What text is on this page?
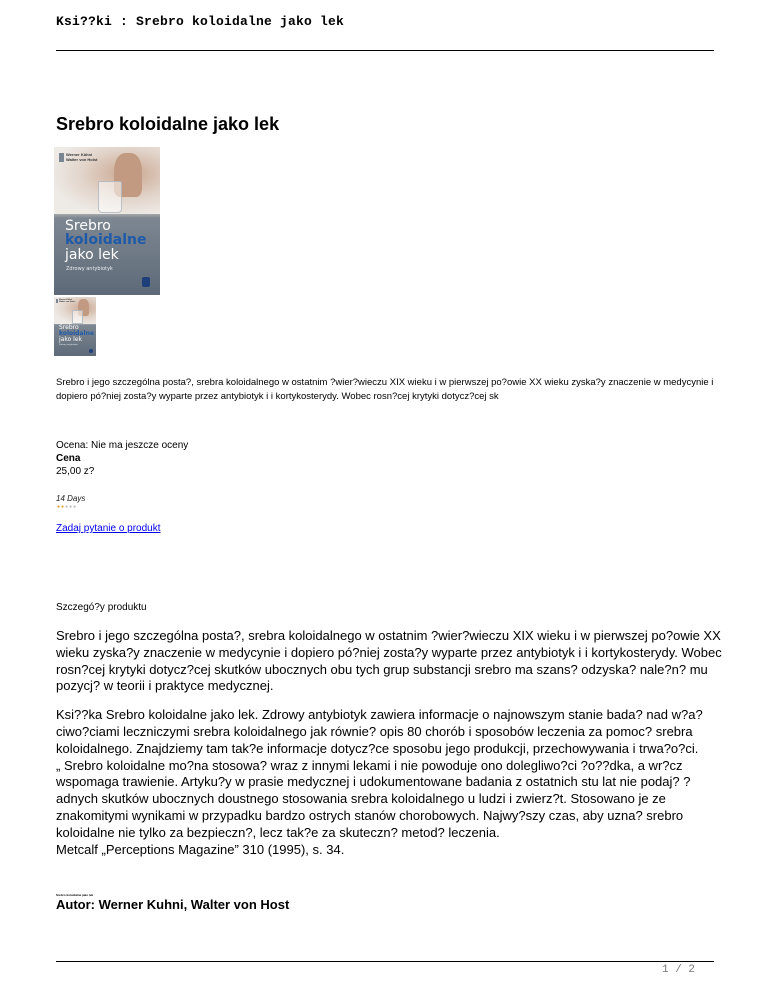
Ksi??ki : Srebro koloidalne jako lek
Srebro koloidalne jako lek
Werner Kühni
Walter von Holst
Srebro
koloidalne
jako lek
Zdrowy antybiotyk
Werner Kühni
Walter von Holst
Srebro
koloidalne
jako lek
Zdrowy antybiotyk

Srebro i jego szczególna posta?, srebra koloidalnego w ostatnim ?wier?wieczu XIX wieku i w pierwszej po?owie XX wieku zyska?y znaczenie w medycynie i dopiero pó?niej zosta?y wyparte przez antybiotyk i i kortykosterydy. Wobec rosn?cej krytyki dotycz?cej sk

Ocena: Nie ma jeszcze oceny
Cena
25,00 z?
14 Days
●●●●●
Zadaj pytanie o produkt
Szczegó?y produktu

Srebro i jego szczególna posta?, srebra koloidalnego w ostatnim ?wier?wieczu XIX wieku i w pierwszej po?owie XX wieku zyska?y znaczenie w medycynie i dopiero pó?niej zosta?y wyparte przez antybiotyk i i kortykosterydy. Wobec rosn?cej krytyki dotycz?cej skutków ubocznych obu tych grup substancji srebro ma szans? odzyska? nale?n? mu pozycj? w teorii i praktyce medycznej.

Ksi??ka Srebro koloidalne jako lek. Zdrowy antybiotyk zawiera informacje o najnowszym stanie bada? nad w?a?ciwo?ciami leczniczymi srebra koloidalnego jak równie? opis 80 chorób i sposobów leczenia za pomoc? srebra koloidalnego. Znajdziemy tam tak?e informacje dotycz?ce sposobu jego produkcji, przechowywania i trwa?o?ci.
„ Srebro koloidalne mo?na stosowa? wraz z innymi lekami i nie powoduje ono dolegliwo?ci ?o??dka, a wr?cz wspomaga trawienie. Artyku?y w prasie medycznej i udokumentowane badania z ostatnich stu lat nie podaj? ?adnych skutków ubocznych doustnego stosowania srebra koloidalnego u ludzi i zwierz?t. Stosowano je ze znakomitymi wynikami w przypadku bardzo ostrych stanów chorobowych. Najwy?szy czas, aby uzna? srebro koloidalne nie tylko za bezpieczn?, lecz tak?e za skuteczn? metod? leczenia.
Metcalf „Perceptions Magazine” 310 (1995), s. 34.
Srebro koloidalne jako lek
Autor: Werner Kuhni, Walter von Host
1 / 2
